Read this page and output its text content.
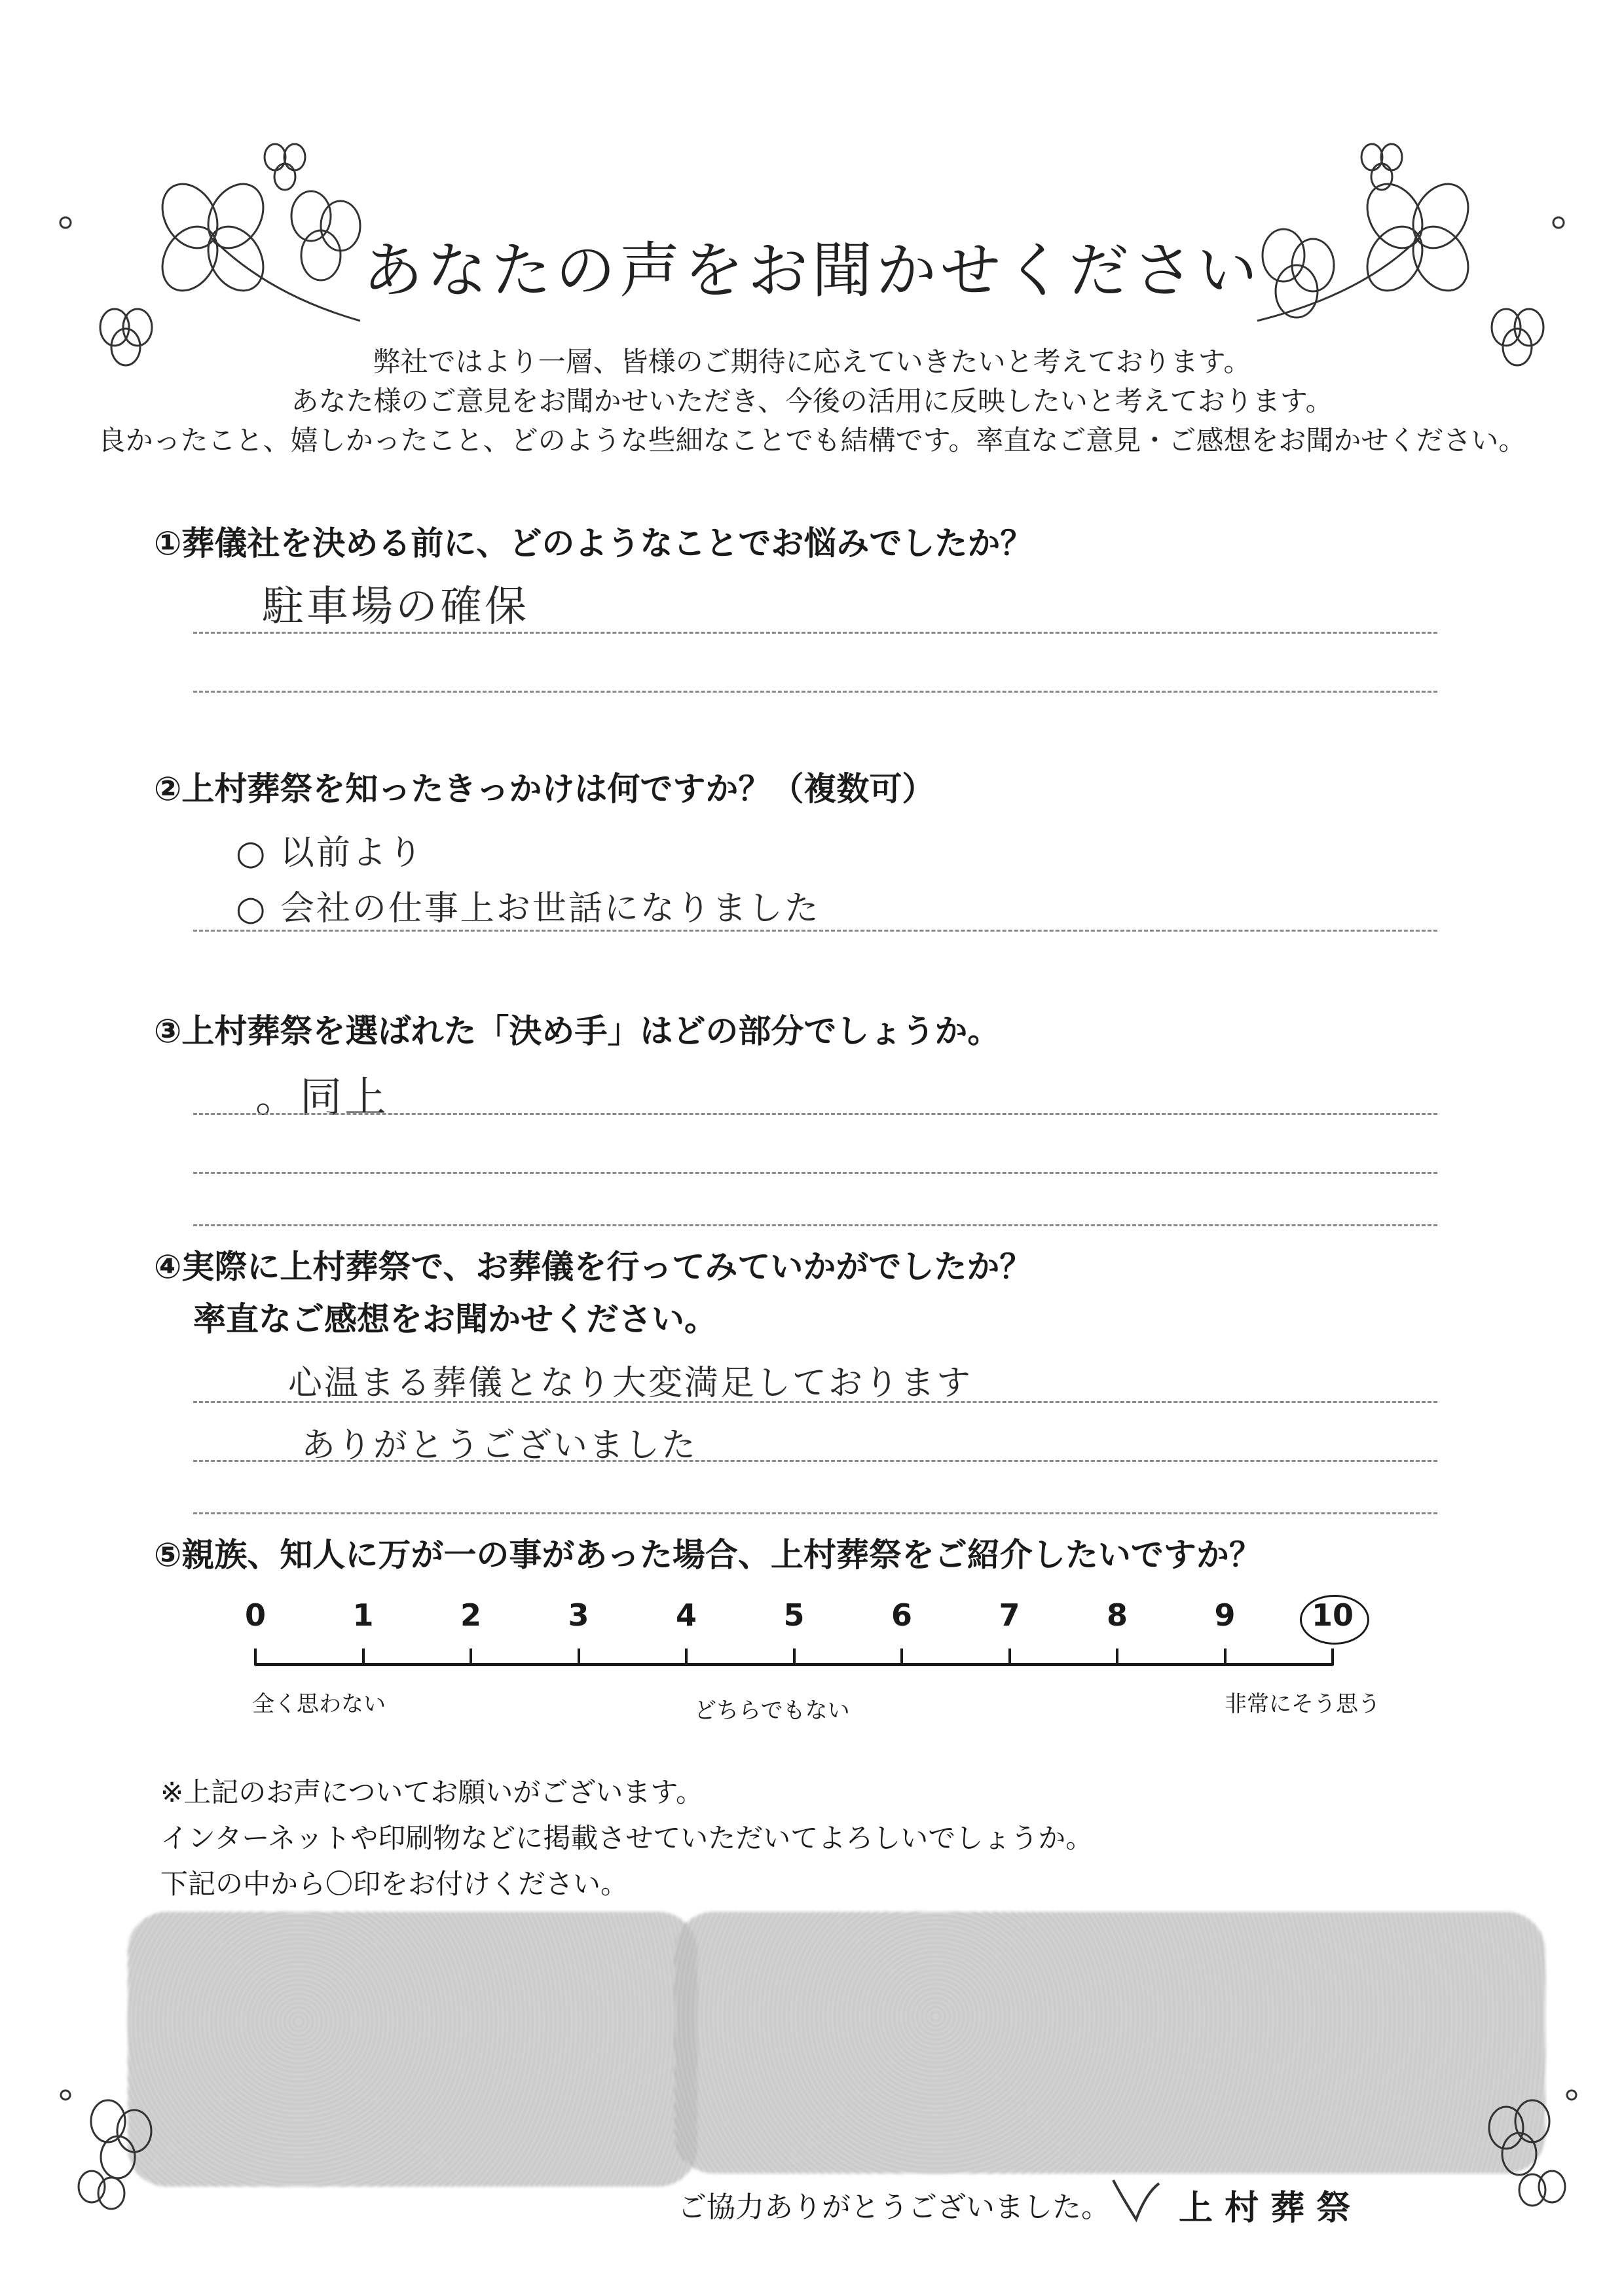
あなたの声をお聞かせください
弊社ではより一層、皆様のご期待に応えていきたいと考えております。
あなた様のご意見をお聞かせいただき、今後の活用に反映したいと考えております。
良かったこと、嬉しかったこと、どのような些細なことでも結構です。率直なご意見・ご感想をお聞かせください。
①葬儀社を決める前に、どのようなことでお悩みでしたか？
駐車場の確保
②上村葬祭を知ったきっかけは何ですか？（複数可）
○ 以前より
○ 会社の仕事上お世話になりました
③上村葬祭を選ばれた「決め手」はどの部分でしょうか。
。同上
④実際に上村葬祭で、お葬儀を行ってみていかがでしたか？
率直なご感想をお聞かせください。
心温まる葬儀となり大変満足しております
ありがとうございました
⑤親族、知人に万が一の事があった場合、上村葬祭をご紹介したいですか？
0	1	2	3	4	5	6	7	8	9	10
全く思わない	どちらでもない	非常にそう思う
※上記のお声についてお願いがございます。
インターネットや印刷物などに掲載させていただいてよろしいでしょうか。
下記の中から〇印をお付けください。
ご協力ありがとうございました。 上 村 葬 祭
